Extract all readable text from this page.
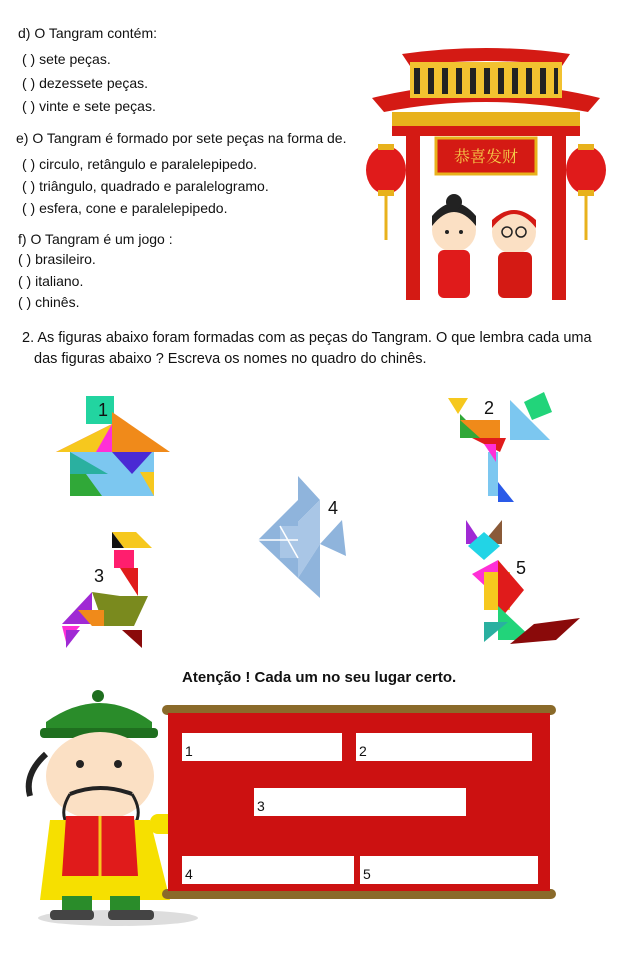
d) O Tangram contém:
( ) sete peças.
( ) dezessete peças.
( ) vinte e sete peças.
e) O Tangram é formado por sete peças na forma de.
( ) circulo, retângulo e paralelepipedo.
( ) triângulo, quadrado e paralelogramo.
( ) esfera, cone e paralelepipedo.
f) O Tangram é um jogo :
( ) brasileiro.
( ) italiano.
( ) chinês.
恭喜发财
2. As figuras abaixo foram formadas com as peças do Tangram. O que lembra cada uma
das figuras abaixo ? Escreva os nomes no quadro do chinês.
1	2
4
3	5
Atenção ! Cada um no seu lugar certo.
1	2
3
4	5
